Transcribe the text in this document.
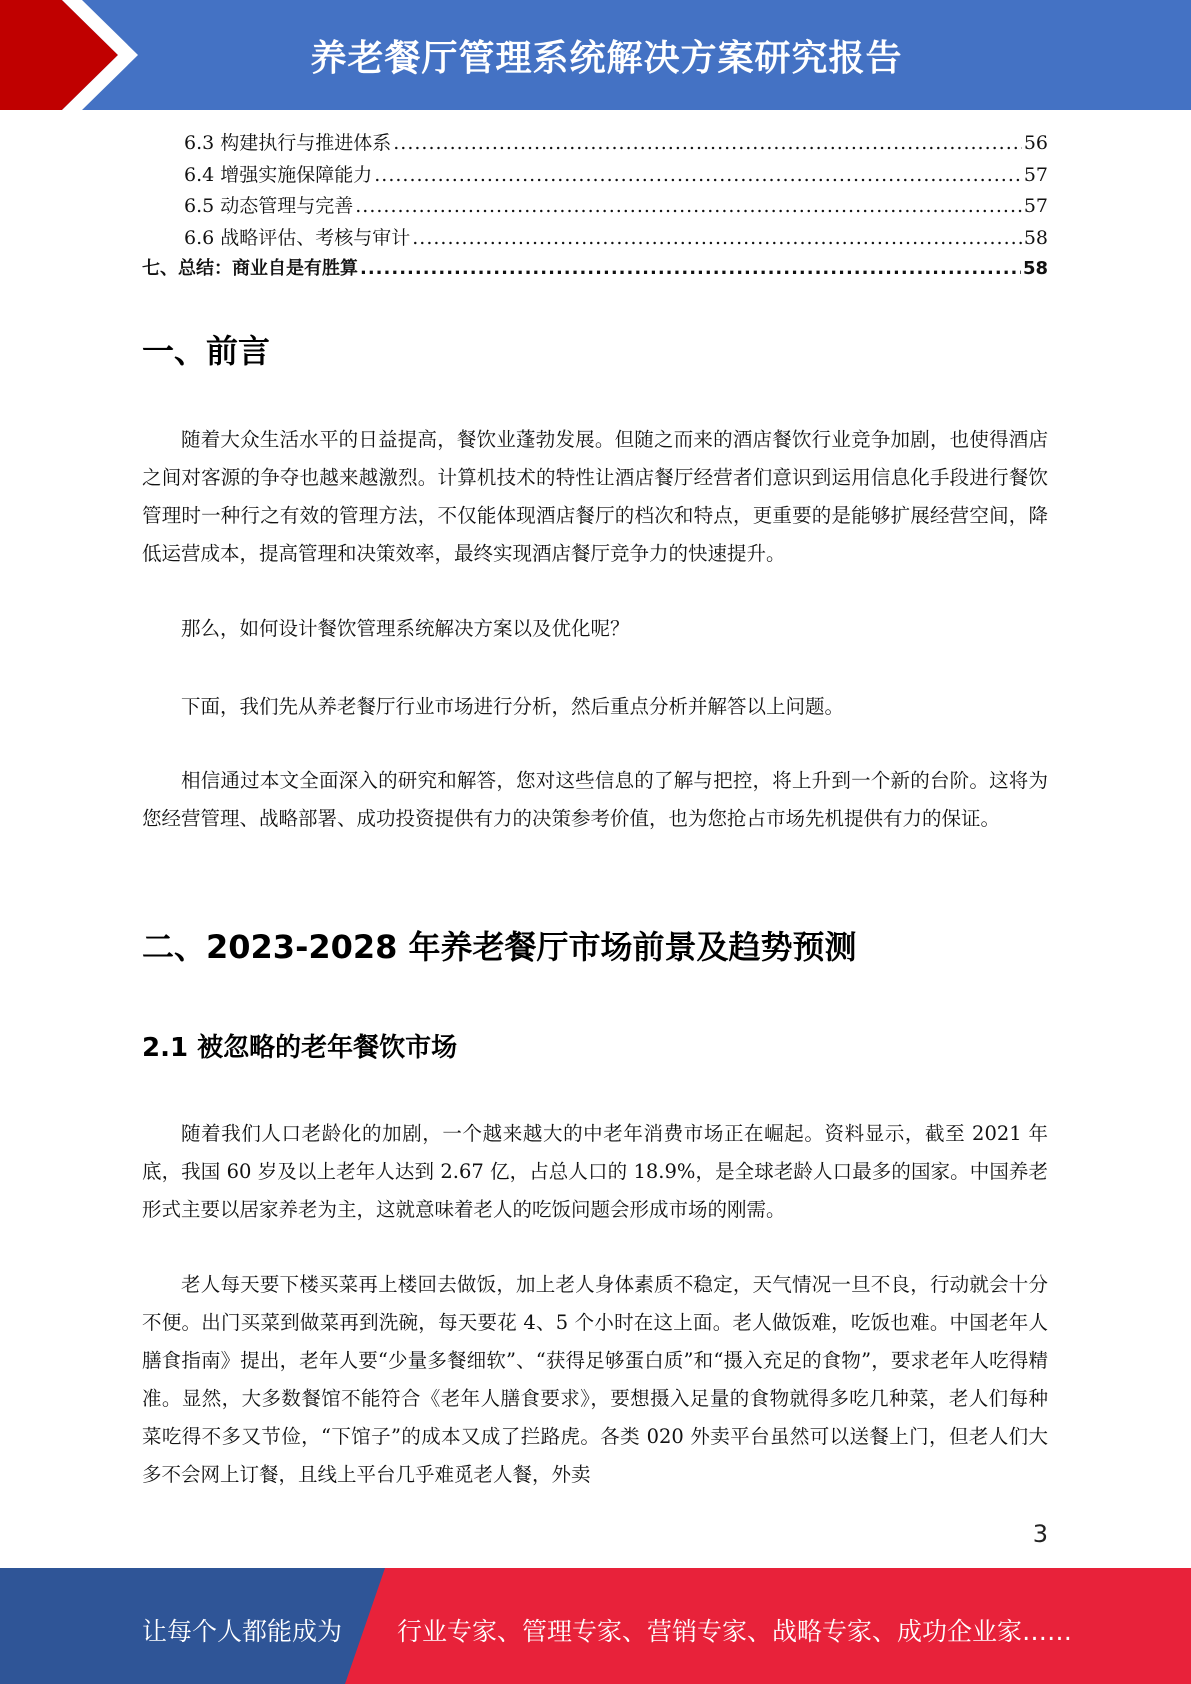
养老餐厅管理系统解决方案研究报告
6.3 构建执行与推进体系 .....	56
6.4 增强实施保障能力 .....	57
6.5 动态管理与完善 .....	57
6.6 战略评估、考核与审计 .....	58
七、总结：商业自是有胜算 .....	58
一、前言

随着大众生活水平的日益提高，餐饮业蓬勃发展。但随之而来的酒店餐饮行业竞争加剧，也使得酒店之间对客源的争夺也越来越激烈。计算机技术的特性让酒店餐厅经营者们意识到运用信息化手段进行餐饮管理时一种行之有效的管理方法，不仅能体现酒店餐厅的档次和特点，更重要的是能够扩展经营空间，降低运营成本，提高管理和决策效率，最终实现酒店餐厅竞争力的快速提升。

那么，如何设计餐饮管理系统解决方案以及优化呢？

下面，我们先从养老餐厅行业市场进行分析，然后重点分析并解答以上问题。

相信通过本文全面深入的研究和解答，您对这些信息的了解与把控，将上升到一个新的台阶。这将为您经营管理、战略部署、成功投资提供有力的决策参考价值，也为您抢占市场先机提供有力的保证。

二、2023-2028 年养老餐厅市场前景及趋势预测
2.1 被忽略的老年餐饮市场

随着我们人口老龄化的加剧，一个越来越大的中老年消费市场正在崛起。资料显示，截至 2021 年底，我国 60 岁及以上老年人达到 2.67 亿，占总人口的 18.9%，是全球老龄人口最多的国家。中国养老形式主要以居家养老为主，这就意味着老人的吃饭问题会形成市场的刚需。

老人每天要下楼买菜再上楼回去做饭，加上老人身体素质不稳定，天气情况一旦不良，行动就会十分不便。出门买菜到做菜再到洗碗，每天要花 4、5 个小时在这上面。老人做饭难，吃饭也难。中国老年人膳食指南》提出，老年人要“少量多餐细软”、“获得足够蛋白质”和“摄入充足的食物”，要求老年人吃得精准。显然，大多数餐馆不能符合《老年人膳食要求》，要想摄入足量的食物就得多吃几种菜，老人们每种菜吃得不多又节俭，“下馆子”的成本又成了拦路虎。各类 020 外卖平台虽然可以送餐上门，但老人们大多不会网上订餐，且线上平台几乎难觅老人餐，外卖

3
让每个人都能成为 行业专家、管理专家、营销专家、战略专家、成功企业家……
